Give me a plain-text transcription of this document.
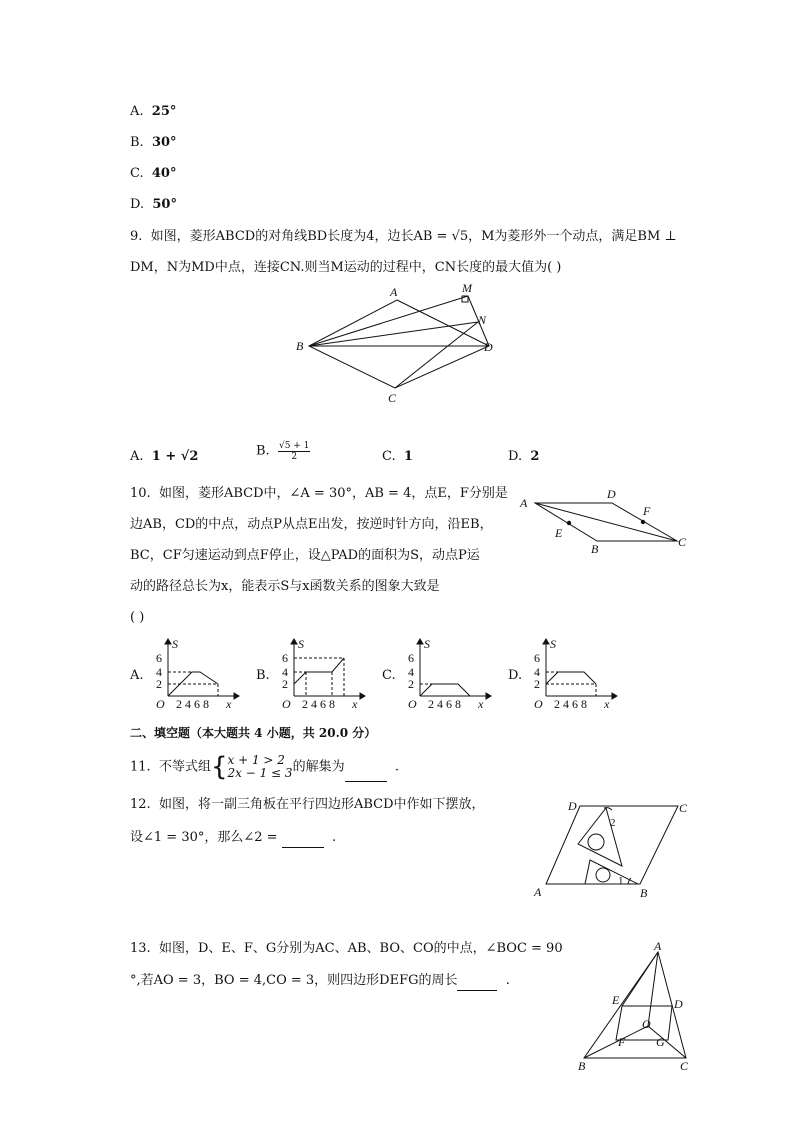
A. 25°
B. 30°
C. 40°
D. 50°
9. 如图，菱形ABCD的对角线BD长度为4，边长AB = √5，M为菱形外一个动点，满足BM ⊥
DM，N为MD中点，连接CN.则当M运动的过程中，CN长度的最大值为( )
A	M
N
B	D
C
A. 1 + √2	B. $\frac{√5 + 1}{2}$	C. 1	D. 2
10. 如图，菱形ABCD中，∠A = 30°，AB = 4，点E，F分别是
边AB，CD的中点，动点P从点E出发，按逆时针方向，沿EB，
BC，CF匀速运动到点F停止，设△PAD的面积为S，动点P运
动的路径总长为x，能表示S与x函数关系的图象大致是
( )
A
D
F
E
B	C
A.
S
6
4
2
O 2 4 6 8 x
B.
S
6
4
2
O 2 4 6 8 x
C.
S
6
4
2
O 2 4 6 8 x
D.
S
6
4
2
O 2 4 6 8 x
二、填空题（本大题共 4 小题，共 20.0 分）
11. 不等式组{ x + 1 > 2
2x − 1 ≤ 3 的解集为	.
12. 如图，将一副三角板在平行四边形ABCD中作如下摆放，
设∠1 = 30°，那么∠2 =	.
D	C
A	B
2
1
13. 如图，D、E、F、G分别为AC、AB、BO、CO的中点，∠BOC = 90
°,若AO = 3，BO = 4,CO = 3，则四边形DEFG的周长	.
A
E	D
O
F	G
B	C
